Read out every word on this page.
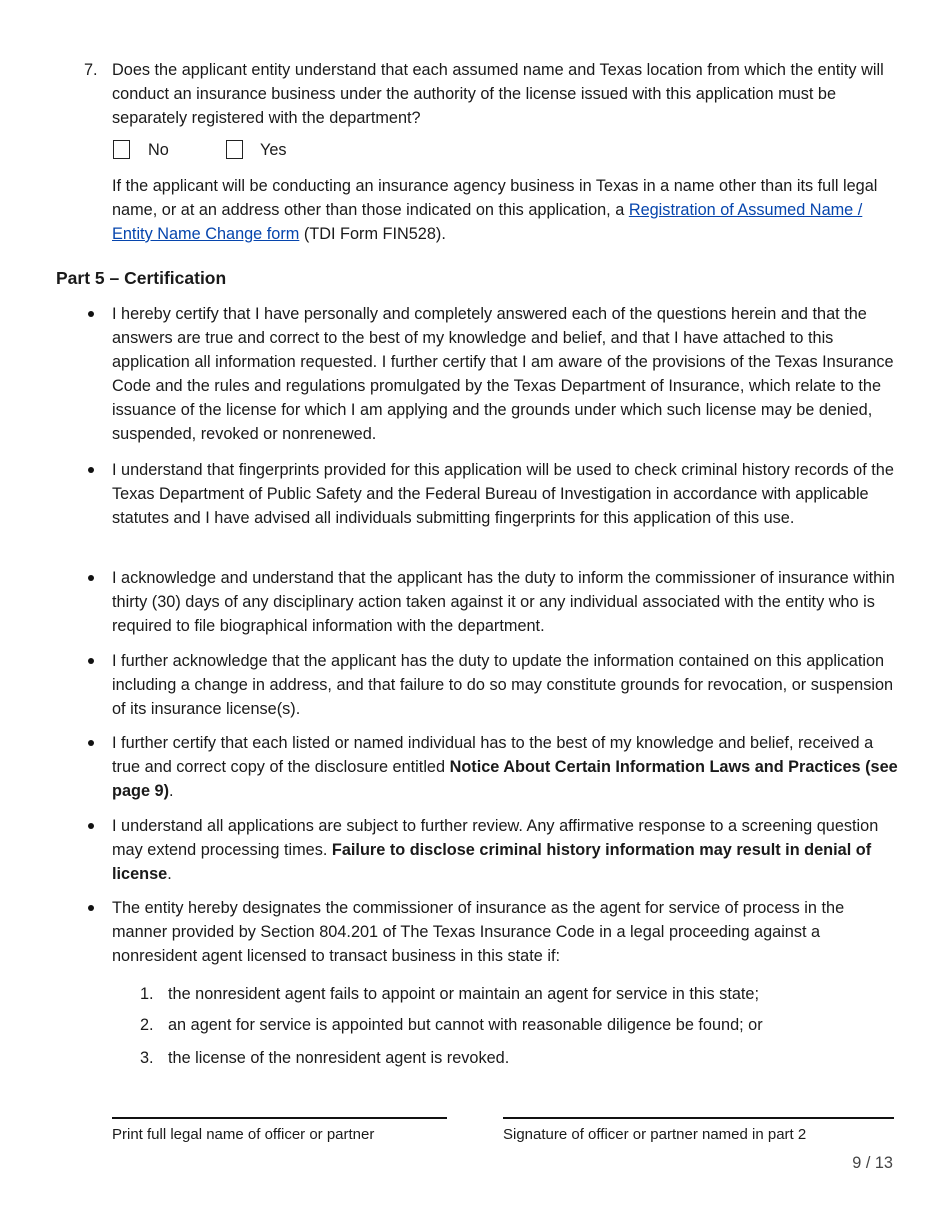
7. Does the applicant entity understand that each assumed name and Texas location from which the entity will conduct an insurance business under the authority of the license issued with this application must be separately registered with the department?
No	Yes
If the applicant will be conducting an insurance agency business in Texas in a name other than its full legal name, or at an address other than those indicated on this application, a Registration of Assumed Name / Entity Name Change form (TDI Form FIN528).
Part 5 – Certification
I hereby certify that I have personally and completely answered each of the questions herein and that the answers are true and correct to the best of my knowledge and belief, and that I have attached to this application all information requested. I further certify that I am aware of the provisions of the Texas Insurance Code and the rules and regulations promulgated by the Texas Department of Insurance, which relate to the issuance of the license for which I am applying and the grounds under which such license may be denied, suspended, revoked or nonrenewed.
I understand that fingerprints provided for this application will be used to check criminal history records of the Texas Department of Public Safety and the Federal Bureau of Investigation in accordance with applicable statutes and I have advised all individuals submitting fingerprints for this application of this use.
I acknowledge and understand that the applicant has the duty to inform the commissioner of insurance within thirty (30) days of any disciplinary action taken against it or any individual associated with the entity who is required to file biographical information with the department.
I further acknowledge that the applicant has the duty to update the information contained on this application including a change in address, and that failure to do so may constitute grounds for revocation, or suspension of its insurance license(s).
I further certify that each listed or named individual has to the best of my knowledge and belief, received a true and correct copy of the disclosure entitled Notice About Certain Information Laws and Practices (see page 9).
I understand all applications are subject to further review. Any affirmative response to a screening question may extend processing times. Failure to disclose criminal history information may result in denial of license.
The entity hereby designates the commissioner of insurance as the agent for service of process in the manner provided by Section 804.201 of The Texas Insurance Code in a legal proceeding against a nonresident agent licensed to transact business in this state if:
1. the nonresident agent fails to appoint or maintain an agent for service in this state;
2. an agent for service is appointed but cannot with reasonable diligence be found; or
3. the license of the nonresident agent is revoked.
Print full legal name of officer or partner	Signature of officer or partner named in part 2
9 / 13
